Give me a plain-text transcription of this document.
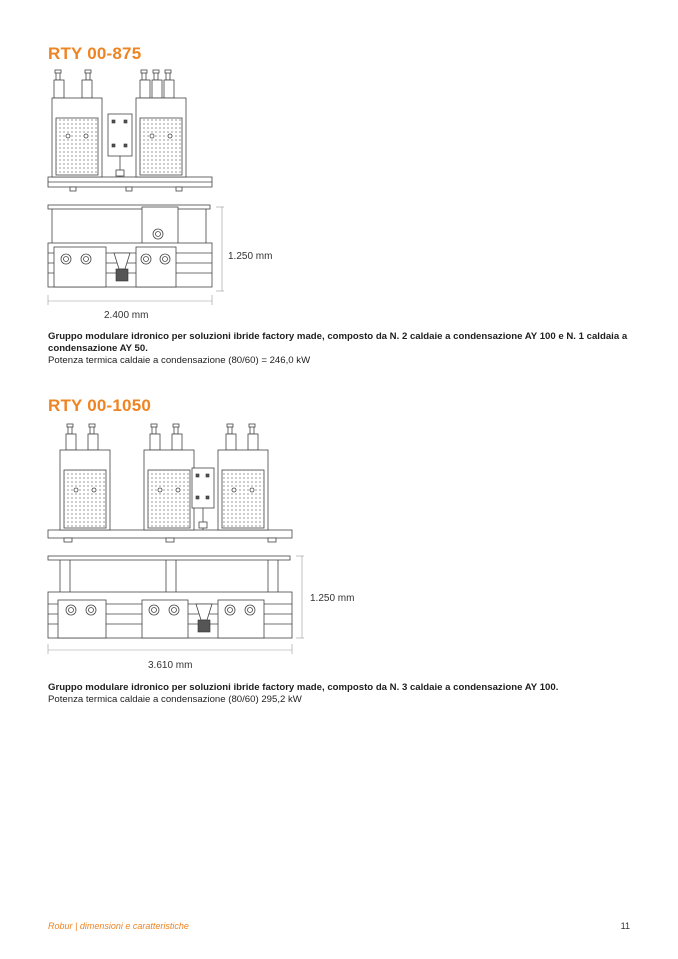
RTY 00-875
1.250 mm
2.400 mm

Gruppo modulare idronico per soluzioni ibride factory made, composto da N. 2 caldaie a condensazione AY 100 e N. 1 caldaia a condensazione AY 50.
Potenza termica caldaie a condensazione (80/60) = 246,0 kW

RTY 00-1050
1.250 mm
3.610 mm

Gruppo modulare idronico per soluzioni ibride factory made, composto da N. 3 caldaie a condensazione AY 100.
Potenza termica caldaie a condensazione (80/60) 295,2 kW

Robur | dimensioni e caratteristiche	11
